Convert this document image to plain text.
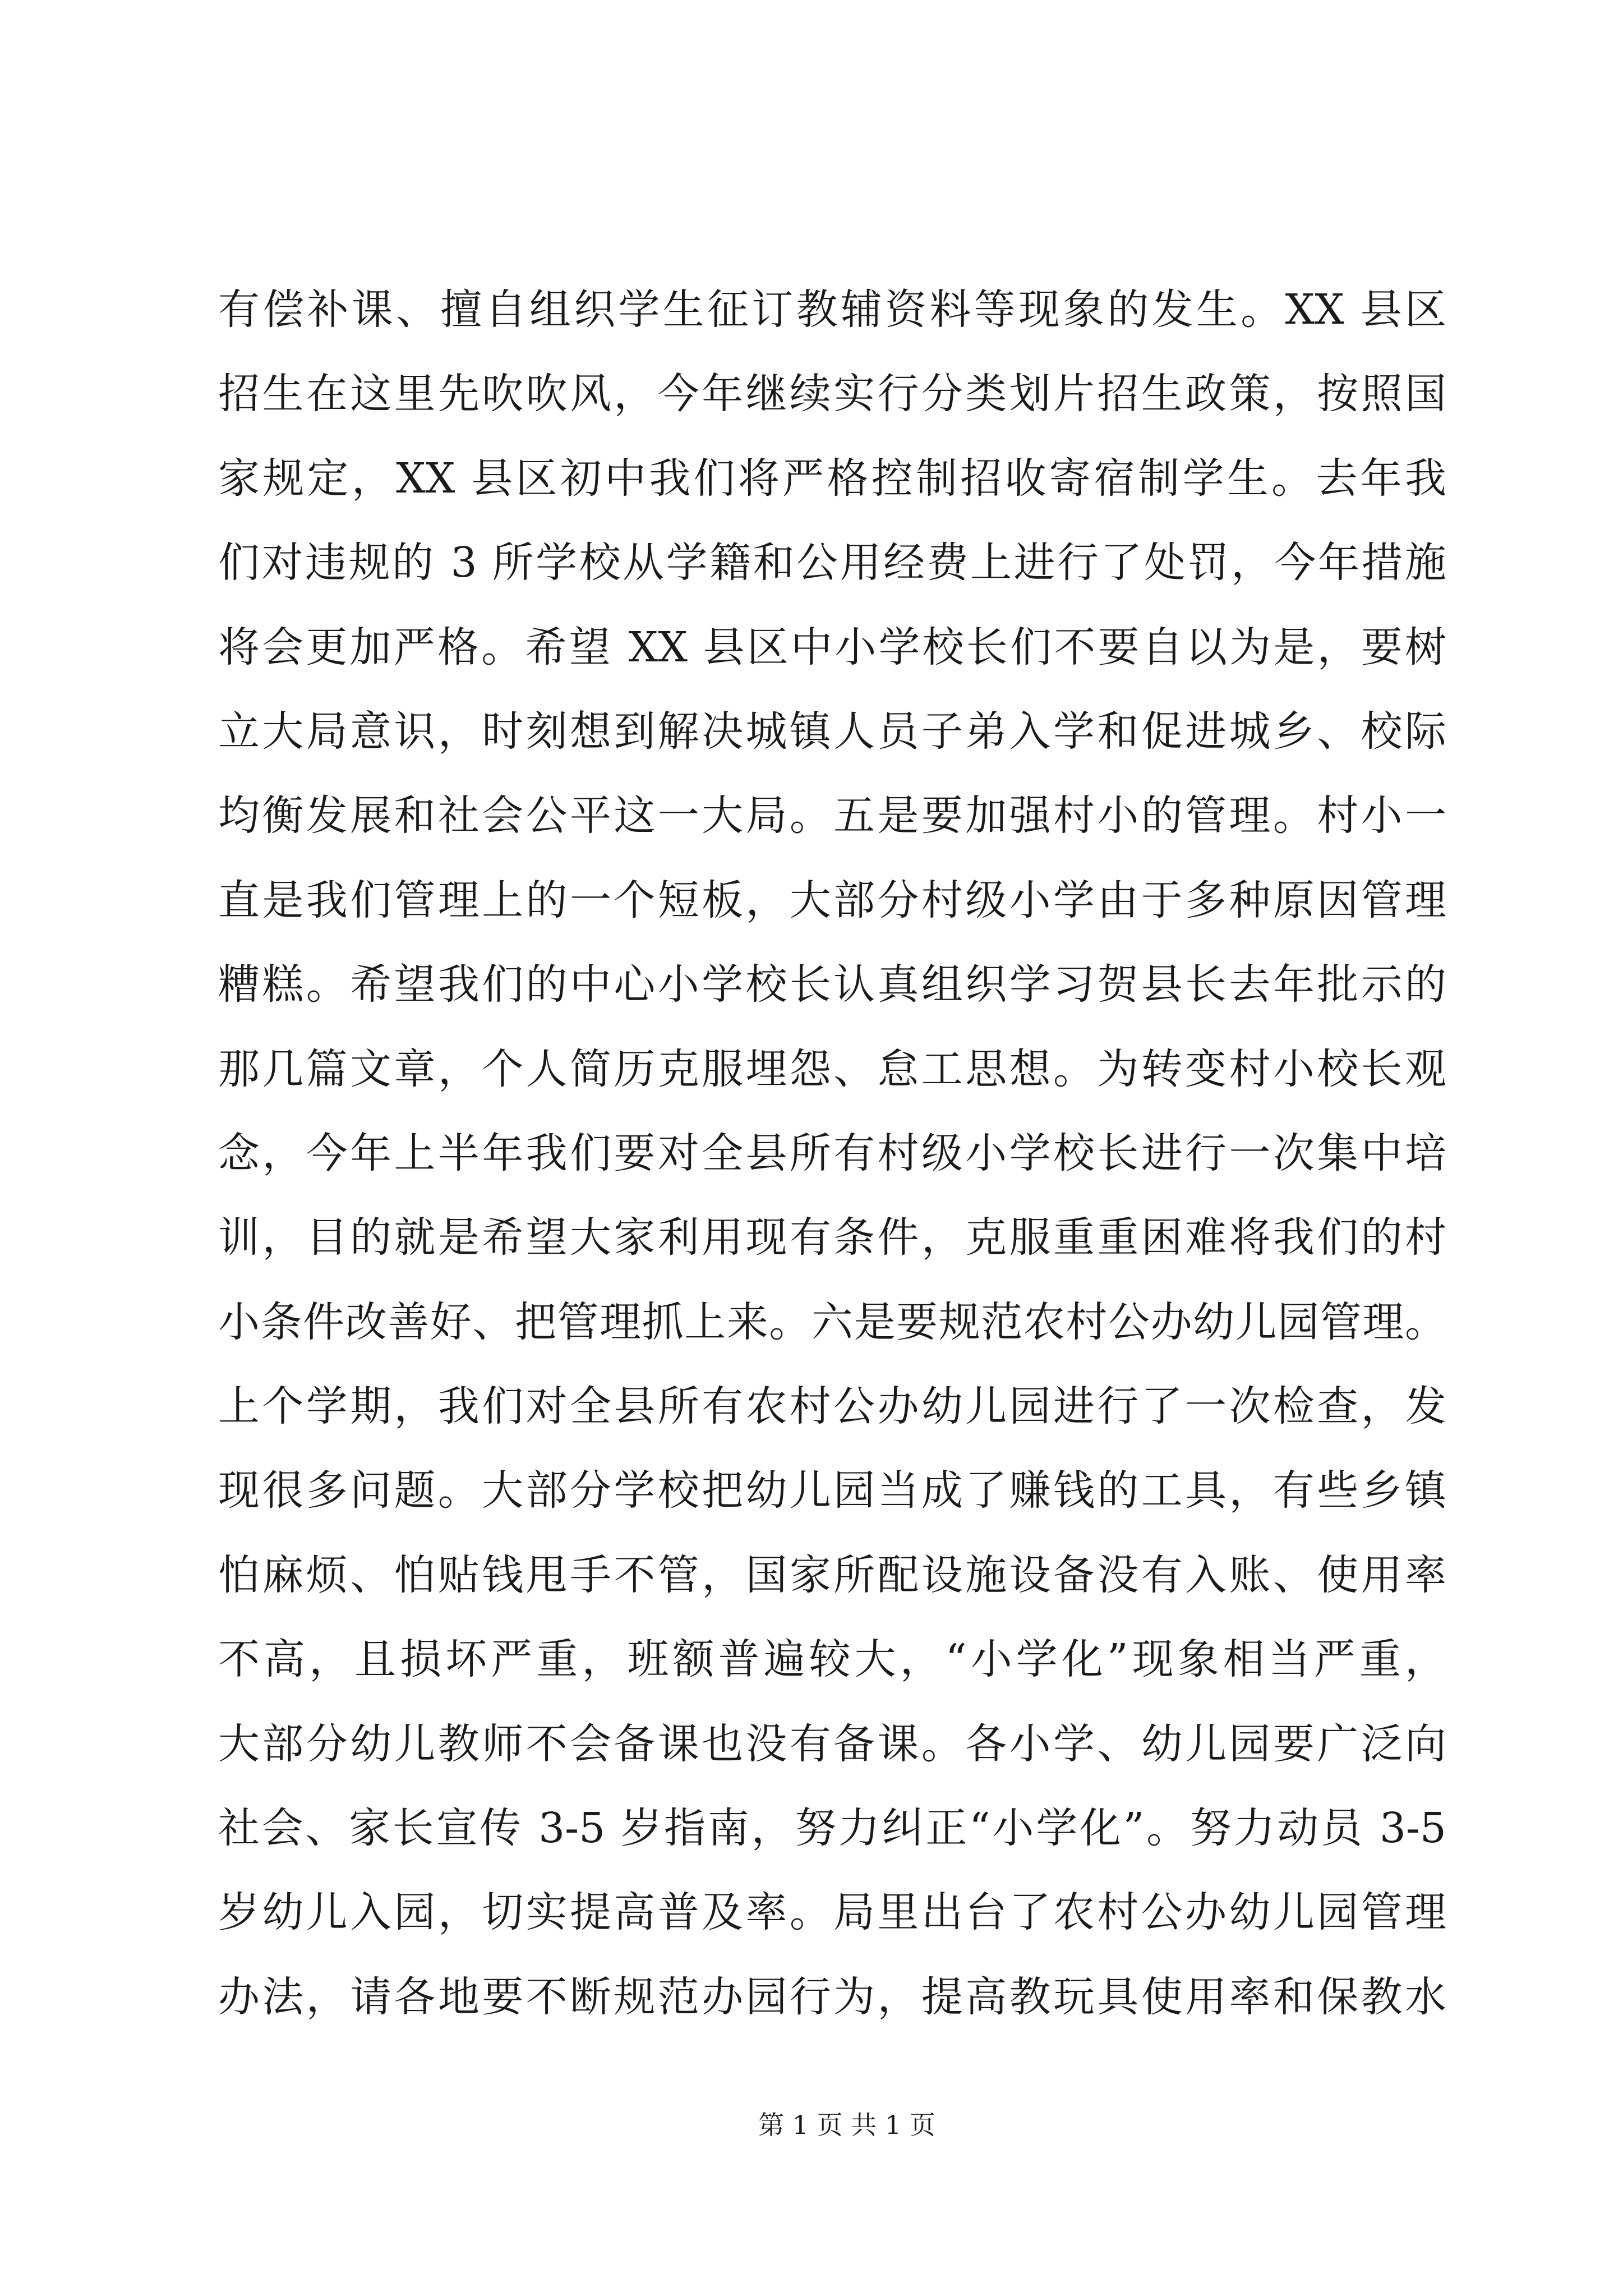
有偿补课、擅自组织学生征订教辅资料等现象的发生。XX 县区
招生在这里先吹吹风，今年继续实行分类划片招生政策，按照国
家规定，XX 县区初中我们将严格控制招收寄宿制学生。去年我
们对违规的 3 所学校从学籍和公用经费上进行了处罚，今年措施
将会更加严格。希望 XX 县区中小学校长们不要自以为是，要树
立大局意识，时刻想到解决城镇人员子弟入学和促进城乡、校际
均衡发展和社会公平这一大局。五是要加强村小的管理。村小一
直是我们管理上的一个短板，大部分村级小学由于多种原因管理
糟糕。希望我们的中心小学校长认真组织学习贺县长去年批示的
那几篇文章，个人简历克服埋怨、怠工思想。为转变村小校长观
念，今年上半年我们要对全县所有村级小学校长进行一次集中培
训，目的就是希望大家利用现有条件，克服重重困难将我们的村
小条件改善好、把管理抓上来。六是要规范农村公办幼儿园管理。
上个学期，我们对全县所有农村公办幼儿园进行了一次检查，发
现很多问题。大部分学校把幼儿园当成了赚钱的工具，有些乡镇
怕麻烦、怕贴钱甩手不管，国家所配设施设备没有入账、使用率
不高，且损坏严重，班额普遍较大，“小学化”现象相当严重，
大部分幼儿教师不会备课也没有备课。各小学、幼儿园要广泛向
社会、家长宣传 3-5 岁指南，努力纠正“小学化”。努力动员 3-5
岁幼儿入园，切实提高普及率。局里出台了农村公办幼儿园管理
办法，请各地要不断规范办园行为，提高教玩具使用率和保教水
第 1 页 共 1 页
